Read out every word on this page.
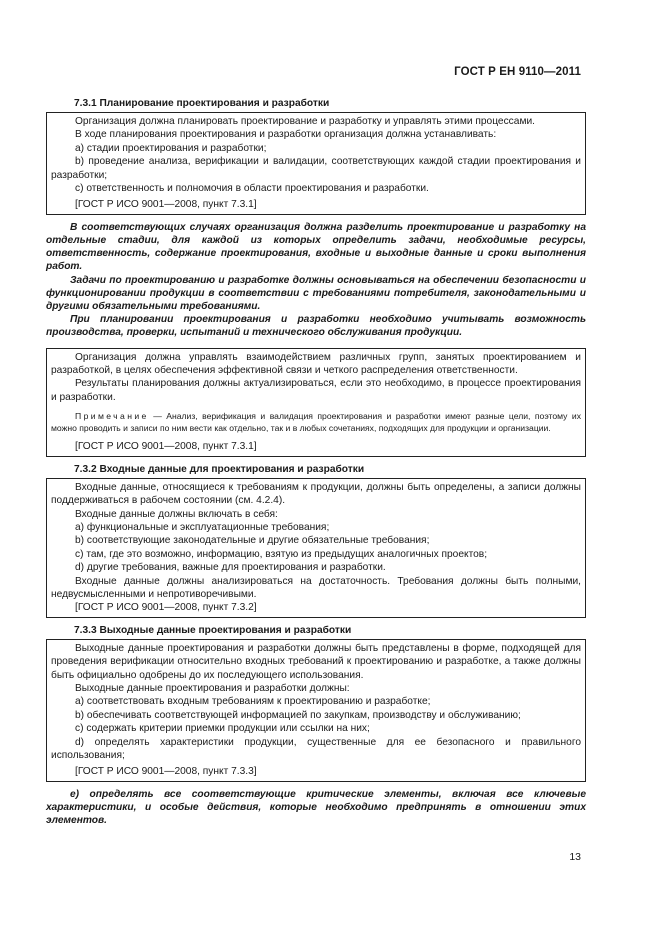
ГОСТ Р ЕН 9110—2011
7.3.1 Планирование проектирования и разработки

Организация должна планировать проектирование и разработку и управлять этими процессами.

В ходе планирования проектирования и разработки организация должна устанавливать:

a) стадии проектирования и разработки;

b) проведение анализа, верификации и валидации, соответствующих каждой стадии проектирования и разработки;

c) ответственность и полномочия в области проектирования и разработки.

[ГОСТ Р ИСО 9001—2008, пункт 7.3.1]

В соответствующих случаях организация должна разделить проектирование и разработку на отдельные стадии, для каждой из которых определить задачи, необходимые ресурсы, ответственность, содержание проектирования, входные и выходные данные и сроки выполнения работ.

Задачи по проектированию и разработке должны основываться на обеспечении безопасности и функционировании продукции в соответствии с требованиями потребителя, законодательными и другими обязательными требованиями.

При планировании проектирования и разработки необходимо учитывать возможность производства, проверки, испытаний и технического обслуживания продукции.

Организация должна управлять взаимодействием различных групп, занятых проектированием и разработкой, в целях обеспечения эффективной связи и четкого распределения ответственности.

Результаты планирования должны актуализироваться, если это необходимо, в процессе проектирования и разработки.

Примечание — Анализ, верификация и валидация проектирования и разработки имеют разные цели, поэтому их можно проводить и записи по ним вести как отдельно, так и в любых сочетаниях, подходящих для продукции и организации.

[ГОСТ Р ИСО 9001—2008, пункт 7.3.1]

7.3.2 Входные данные для проектирования и разработки

Входные данные, относящиеся к требованиям к продукции, должны быть определены, а записи должны поддерживаться в рабочем состоянии (см. 4.2.4).

Входные данные должны включать в себя:

a) функциональные и эксплуатационные требования;

b) соответствующие законодательные и другие обязательные требования;

c) там, где это возможно, информацию, взятую из предыдущих аналогичных проектов;

d) другие требования, важные для проектирования и разработки.

Входные данные должны анализироваться на достаточность. Требования должны быть полными, недвусмысленными и непротиворечивыми.

[ГОСТ Р ИСО 9001—2008, пункт 7.3.2]

7.3.3 Выходные данные проектирования и разработки

Выходные данные проектирования и разработки должны быть представлены в форме, подходящей для проведения верификации относительно входных требований к проектированию и разработке, а также должны быть официально одобрены до их последующего использования.

Выходные данные проектирования и разработки должны:

a) соответствовать входным требованиям к проектированию и разработке;

b) обеспечивать соответствующей информацией по закупкам, производству и обслуживанию;

c) содержать критерии приемки продукции или ссылки на них;

d) определять характеристики продукции, существенные для ее безопасного и правильного использования;

[ГОСТ Р ИСО 9001—2008, пункт 7.3.3]

е) определять все соответствующие критические элементы, включая все ключевые характеристики, и особые действия, которые необходимо предпринять в отношении этих элементов.

13
